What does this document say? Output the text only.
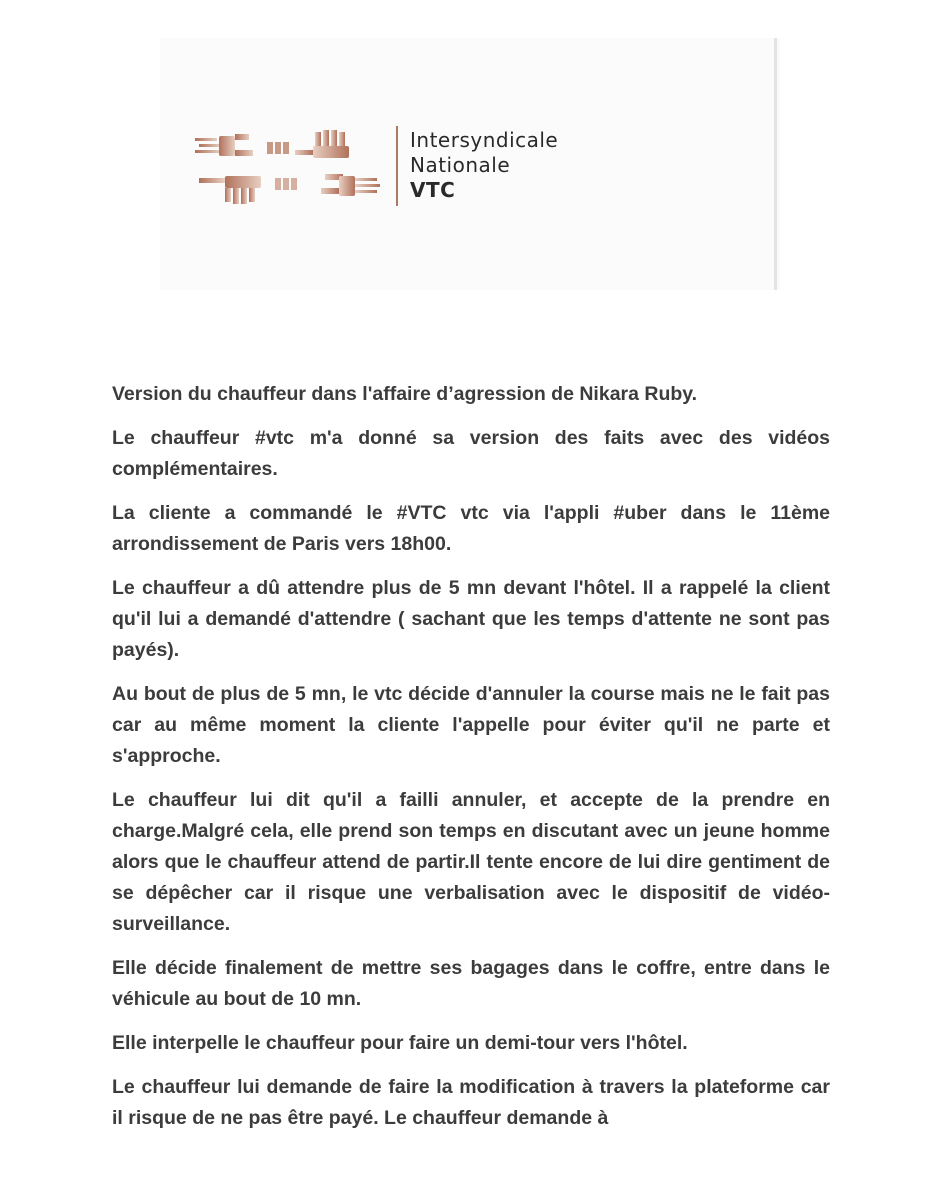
Intersyndicale
Nationale
VTC

Version du chauffeur dans l'affaire d’agression de Nikara Ruby.

Le chauffeur #vtc m'a donné sa version des faits avec des vidéos complémentaires.

La cliente a commandé le #VTC vtc via l'appli #uber dans le 11ème arrondissement de Paris vers 18h00.

Le chauffeur a dû attendre plus de 5 mn devant l'hôtel. Il a rappelé la client qu'il lui a demandé d'attendre ( sachant que les temps d'attente ne sont pas payés).

Au bout de plus de 5 mn, le vtc décide d'annuler la course mais ne le fait pas car au même moment la cliente l'appelle pour éviter qu'il ne parte et s'approche.

Le chauffeur lui dit qu'il a failli annuler, et accepte de la prendre en charge.Malgré cela, elle prend son temps en discutant avec un jeune homme alors que le chauffeur attend de partir.Il tente encore de lui dire gentiment de se dépêcher car il risque une verbalisation avec le dispositif de vidéo-surveillance.

Elle décide finalement de mettre ses bagages dans le coffre, entre dans le véhicule au bout de 10 mn.

Elle interpelle le chauffeur pour faire un demi-tour vers l'hôtel.

Le chauffeur lui demande de faire la modification à travers la plateforme car il risque de ne pas être payé. Le chauffeur demande à
